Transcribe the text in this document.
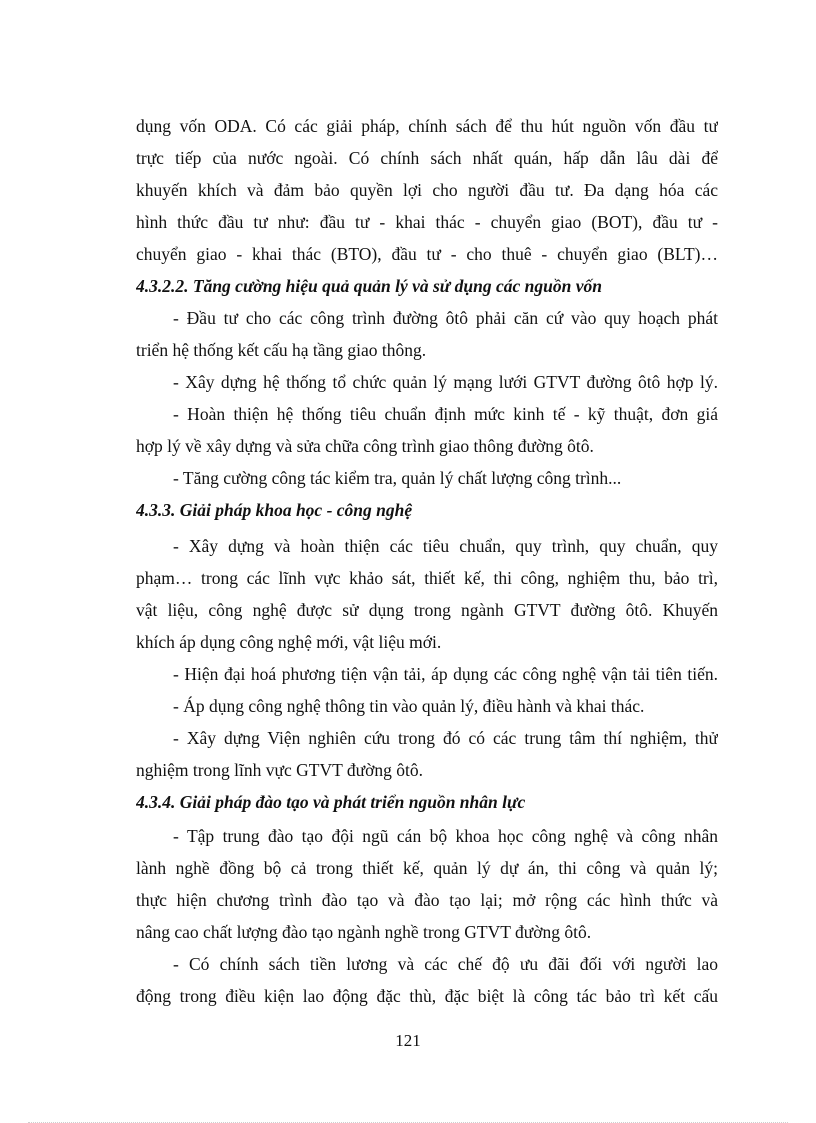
dụng vốn ODA. Có các giải pháp, chính sách để thu hút nguồn vốn đầu tư
trực tiếp của nước ngoài. Có chính sách nhất quán, hấp dẫn lâu dài để
khuyến khích và đảm bảo quyền lợi cho người đầu tư. Đa dạng hóa các
hình thức đầu tư như: đầu tư - khai thác - chuyển giao (BOT), đầu tư -
chuyển giao - khai thác (BTO), đầu tư - cho thuê - chuyển giao (BLT)…
4.3.2.2. Tăng cường hiệu quả quản lý và sử dụng các nguồn vốn
- Đầu tư cho các công trình đường ôtô phải căn cứ vào quy hoạch phát
triển hệ thống kết cấu hạ tầng giao thông.
- Xây dựng hệ thống tổ chức quản lý mạng lưới GTVT đường ôtô hợp lý.
- Hoàn thiện hệ thống tiêu chuẩn định mức kinh tế - kỹ thuật, đơn giá
hợp lý về xây dựng và sửa chữa công trình giao thông đường ôtô.
- Tăng cường công tác kiểm tra, quản lý chất lượng công trình...
4.3.3. Giải pháp khoa học - công nghệ
- Xây dựng và hoàn thiện các tiêu chuẩn, quy trình, quy chuẩn, quy
phạm… trong các lĩnh vực khảo sát, thiết kế, thi công, nghiệm thu, bảo trì,
vật liệu, công nghệ được sử dụng trong ngành GTVT đường ôtô. Khuyến
khích áp dụng công nghệ mới, vật liệu mới.
- Hiện đại hoá phương tiện vận tải, áp dụng các công nghệ vận tải tiên tiến.
- Áp dụng công nghệ thông tin vào quản lý, điều hành và khai thác.
- Xây dựng Viện nghiên cứu trong đó có các trung tâm thí nghiệm, thử
nghiệm trong lĩnh vực GTVT đường ôtô.
4.3.4. Giải pháp đào tạo và phát triển nguồn nhân lực
- Tập trung đào tạo đội ngũ cán bộ khoa học công nghệ và công nhân
lành nghề đồng bộ cả trong thiết kế, quản lý dự án, thi công và quản lý;
thực hiện chương trình đào tạo và đào tạo lại; mở rộng các hình thức và
nâng cao chất lượng đào tạo ngành nghề trong GTVT đường ôtô.
- Có chính sách tiền lương và các chế độ ưu đãi đối với người lao
động trong điều kiện lao động đặc thù, đặc biệt là công tác bảo trì kết cấu
121
